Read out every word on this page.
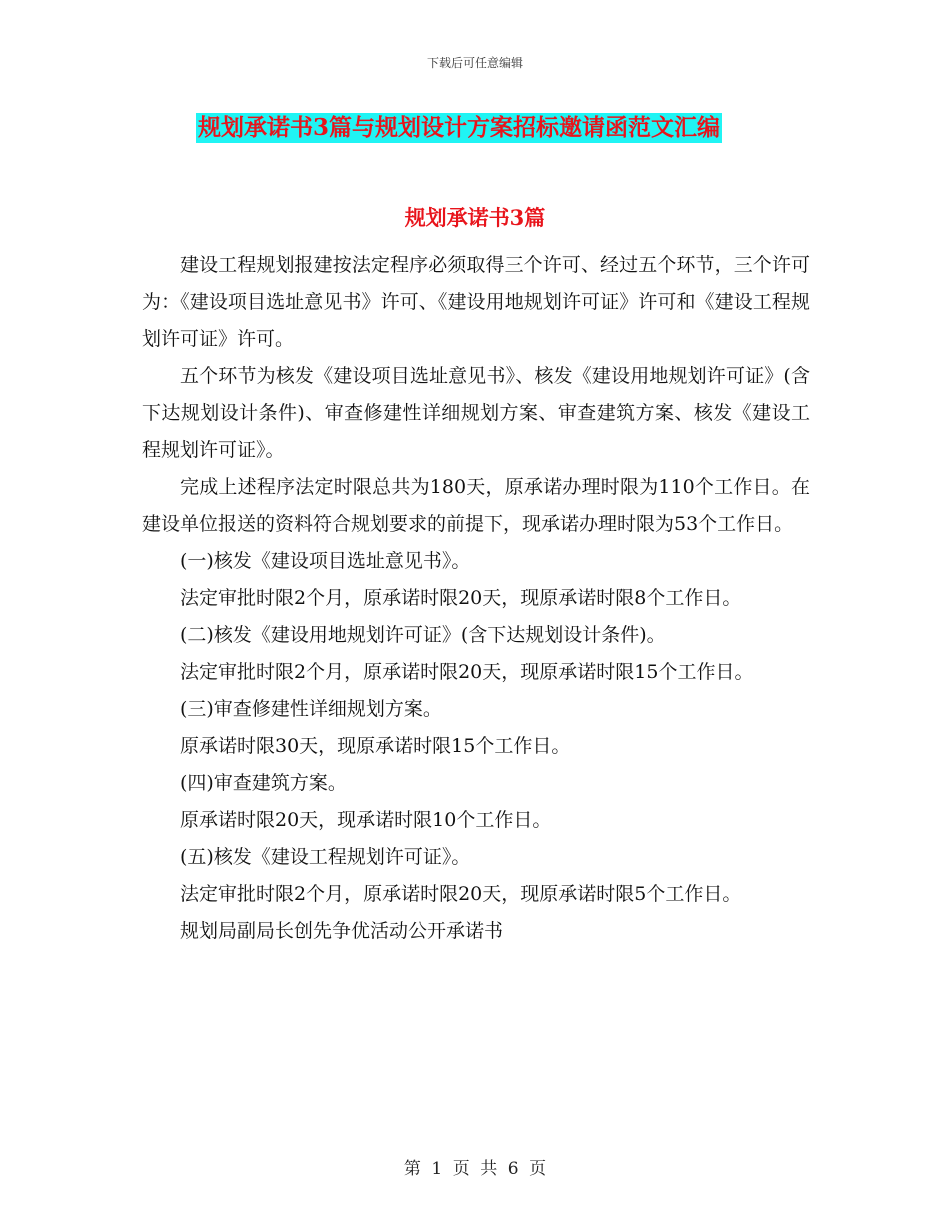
下载后可任意编辑
规划承诺书3篇与规划设计方案招标邀请函范文汇编
规划承诺书3篇

建设工程规划报建按法定程序必须取得三个许可、经过五个环节，三个许可为：《建设项目选址意见书》许可、《建设用地规划许可证》许可和《建设工程规划许可证》许可。

五个环节为核发《建设项目选址意见书》、核发《建设用地规划许可证》(含下达规划设计条件)、审查修建性详细规划方案、审查建筑方案、核发《建设工程规划许可证》。

完成上述程序法定时限总共为180天，原承诺办理时限为110个工作日。在建设单位报送的资料符合规划要求的前提下，现承诺办理时限为53个工作日。

(一)核发《建设项目选址意见书》。

法定审批时限2个月，原承诺时限20天，现原承诺时限8个工作日。

(二)核发《建设用地规划许可证》(含下达规划设计条件)。

法定审批时限2个月，原承诺时限20天，现原承诺时限15个工作日。

(三)审查修建性详细规划方案。

原承诺时限30天，现原承诺时限15个工作日。

(四)审查建筑方案。

原承诺时限20天，现承诺时限10个工作日。

(五)核发《建设工程规划许可证》。

法定审批时限2个月，原承诺时限20天，现原承诺时限5个工作日。

规划局副局长创先争优活动公开承诺书

第 1 页 共 6 页
